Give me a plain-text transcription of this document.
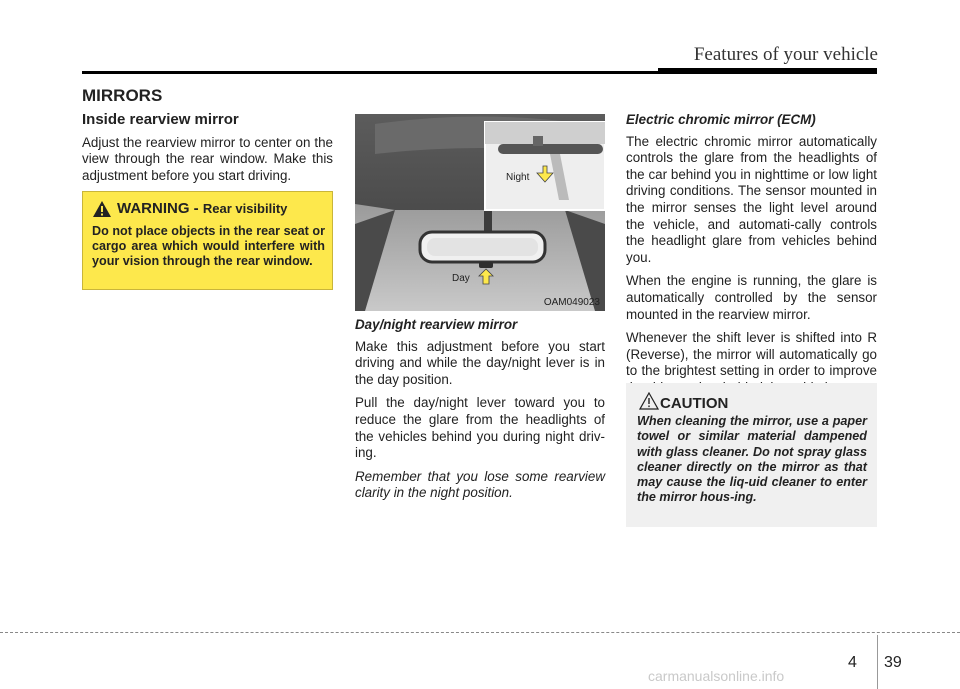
Features of your vehicle
MIRRORS
Inside rearview mirror

Adjust the rearview mirror to center on the view through the rear window. Make this adjustment before you start driving.

WARNING - Rear visibility
Do not place objects in the rear seat or cargo area which would interfere with your vision through the rear window.
Day
Night
OAM049023
Day/night rearview mirror

Make this adjustment before you start driving and while the day/night lever is in the day position.

Pull the day/night lever toward you to reduce the glare from the headlights of the vehicles behind you during night driv-ing.

Remember that you lose some rearview clarity in the night position.

Electric chromic mirror (ECM)

The electric chromic mirror automatically controls the glare from the headlights of the car behind you in nighttime or low light driving conditions. The sensor mounted in the mirror senses the light level around the vehicle, and automati-cally controls the headlight glare from vehicles behind you.

When the engine is running, the glare is automatically controlled by the sensor mounted in the rearview mirror.

Whenever the shift lever is shifted into R (Reverse), the mirror will automatically go to the brightest setting in order to improve

CAUTION
When cleaning the mirror, use a paper towel or similar material dampened with glass cleaner. Do not spray glass cleaner directly on the mirror as that may cause the liq-uid cleaner to enter the mirror hous-ing.
4 39
carmanualsonline.info
